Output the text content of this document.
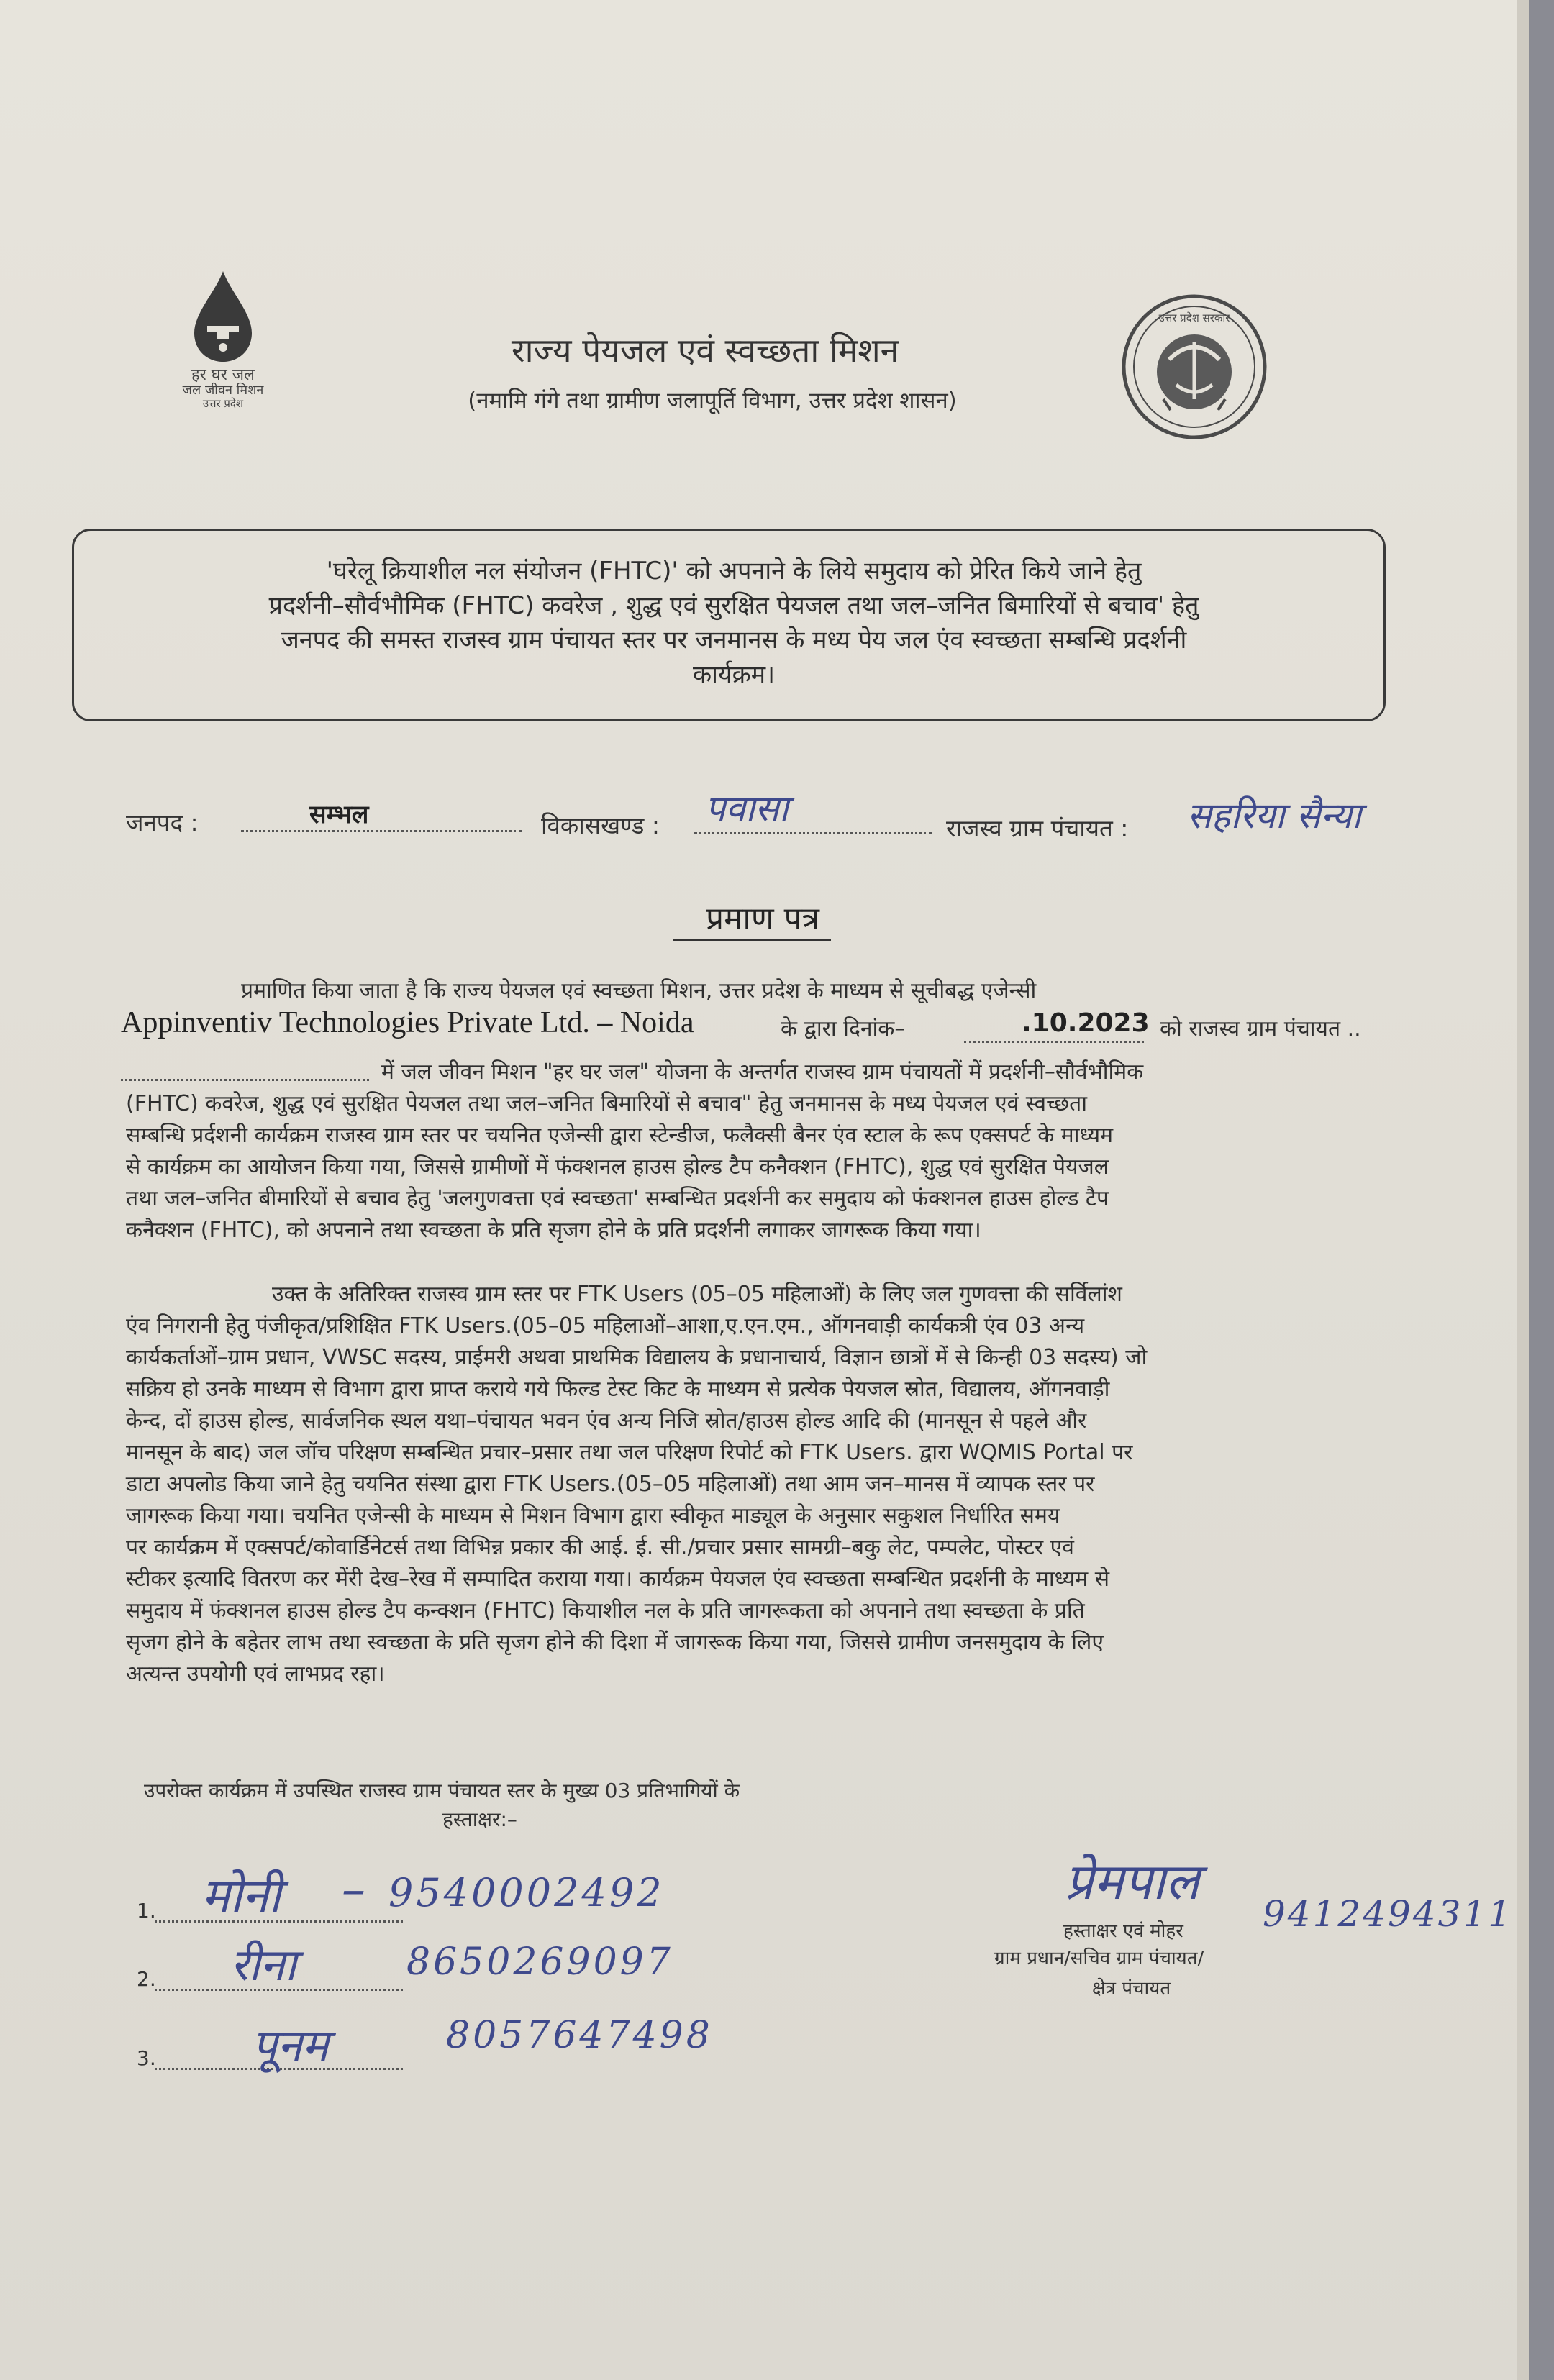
हर घर जल
जल जीवन मिशन
उत्तर प्रदेश
उत्तर प्रदेश सरकार
राज्य पेयजल एवं स्वच्छता मिशन
(नमामि गंगे तथा ग्रामीण जलापूर्ति विभाग, उत्तर प्रदेश शासन)
'घरेलू क्रियाशील नल संयोजन (FHTC)' को अपनाने के लिये समुदाय को प्रेरित किये जाने हेतु
प्रदर्शनी–सौर्वभौमिक (FHTC) कवरेज , शुद्ध एवं सुरक्षित पेयजल तथा जल–जनित बिमारियों से बचाव' हेतु
जनपद की समस्त राजस्व ग्राम पंचायत स्तर पर जनमानस के मध्य पेय जल एंव स्वच्छता सम्बन्धि प्रदर्शनी
कार्यक्रम।
जनपद :	सम्भल	विकासखण्ड : पवासा	राजस्व ग्राम पंचायत : सहरिया सैन्या
प्रमाण पत्र
प्रमाणित किया जाता है कि राज्य पेयजल एवं स्वच्छता मिशन, उत्तर प्रदेश के माध्यम से सूचीबद्ध एजेन्सी
Appinventiv Technologies Private Ltd. – Noida	के द्वारा दिनांक–	.10.2023 को राजस्व ग्राम पंचायत ..
में जल जीवन मिशन "हर घर जल" योजना के अन्तर्गत राजस्व ग्राम पंचायतों में प्रदर्शनी–सौर्वभौमिक
(FHTC) कवरेज, शुद्ध एवं सुरक्षित पेयजल तथा जल–जनित बिमारियों से बचाव" हेतु जनमानस के मध्य पेयजल एवं स्वच्छता
सम्बन्धि प्रर्दशनी कार्यक्रम राजस्व ग्राम स्तर पर चयनित एजेन्सी द्वारा स्टेन्डीज, फलैक्सी बैनर एंव स्टाल के रूप एक्सपर्ट के माध्यम
से कार्यक्रम का आयोजन किया गया, जिससे ग्रामीणों में फंक्शनल हाउस होल्ड टैप कनैक्शन (FHTC), शुद्ध एवं सुरक्षित पेयजल
तथा जल–जनित बीमारियों से बचाव हेतु 'जलगुणवत्ता एवं स्वच्छता' सम्बन्धित प्रदर्शनी कर समुदाय को फंक्शनल हाउस होल्ड टैप
कनैक्शन (FHTC), को अपनाने तथा स्वच्छता के प्रति सृजग होने के प्रति प्रदर्शनी लगाकर जागरूक किया गया।
उक्त के अतिरिक्त राजस्व ग्राम स्तर पर FTK Users (05–05 महिलाओं) के लिए जल गुणवत्ता की सर्विलांश
एंव निगरानी हेतु पंजीकृत/प्रशिक्षित FTK Users.(05–05 महिलाओं–आशा,ए.एन.एम., ऑगनवाड़ी कार्यकत्री एंव 03 अन्य
कार्यकर्ताओं–ग्राम प्रधान, VWSC सदस्य, प्राईमरी अथवा प्राथमिक विद्यालय के प्रधानाचार्य, विज्ञान छात्रों में से किन्ही 03 सदस्य) जो
सक्रिय हो उनके माध्यम से विभाग द्वारा प्राप्त कराये गये फिल्ड टेस्ट किट के माध्यम से प्रत्येक पेयजल स्रोत, विद्यालय, ऑगनवाड़ी
केन्द, दों हाउस होल्ड, सार्वजनिक स्थल यथा–पंचायत भवन एंव अन्य निजि स्रोत/हाउस होल्ड आदि की (मानसून से पहले और
मानसून के बाद) जल जॉच परिक्षण सम्बन्धित प्रचार–प्रसार तथा जल परिक्षण रिपोर्ट को FTK Users. द्वारा WQMIS Portal पर
डाटा अपलोड किया जाने हेतु चयनित संस्था द्वारा FTK Users.(05–05 महिलाओं) तथा आम जन–मानस में व्यापक स्तर पर
जागरूक किया गया। चयनित एजेन्सी के माध्यम से मिशन विभाग द्वारा स्वीकृत माड्यूल के अनुसार सकुशल निर्धारित समय
पर कार्यक्रम में एक्सपर्ट/कोवार्डिनेटर्स तथा विभिन्न प्रकार की आई. ई. सी./प्रचार प्रसार सामग्री–बकु लेट, पम्पलेट, पोस्टर एवं
स्टीकर इत्यादि वितरण कर मेंरी देख–रेख में सम्पादित कराया गया। कार्यक्रम पेयजल एंव स्वच्छता सम्बन्धित प्रदर्शनी के माध्यम से
समुदाय में फंक्शनल हाउस होल्ड टैप कन्क्शन (FHTC) कियाशील नल के प्रति जागरूकता को अपनाने तथा स्वच्छता के प्रति
सृजग होने के बहेतर लाभ तथा स्वच्छता के प्रति सृजग होने की दिशा में जागरूक किया गया, जिससे ग्रामीण जनसमुदाय के लिए
अत्यन्त उपयोगी एवं लाभप्रद रहा।
उपरोक्त कार्यक्रम में उपस्थित राजस्व ग्राम पंचायत स्तर के मुख्य 03 प्रतिभागियों के
हस्ताक्षर:–
1. मोनी – 9540002492
2. रीना	8650269097
3. पूनम	8057647498
प्रेमपाल
9412494311
हस्ताक्षर एवं मोहर
ग्राम प्रधान/सचिव ग्राम पंचायत/
क्षेत्र पंचायत
